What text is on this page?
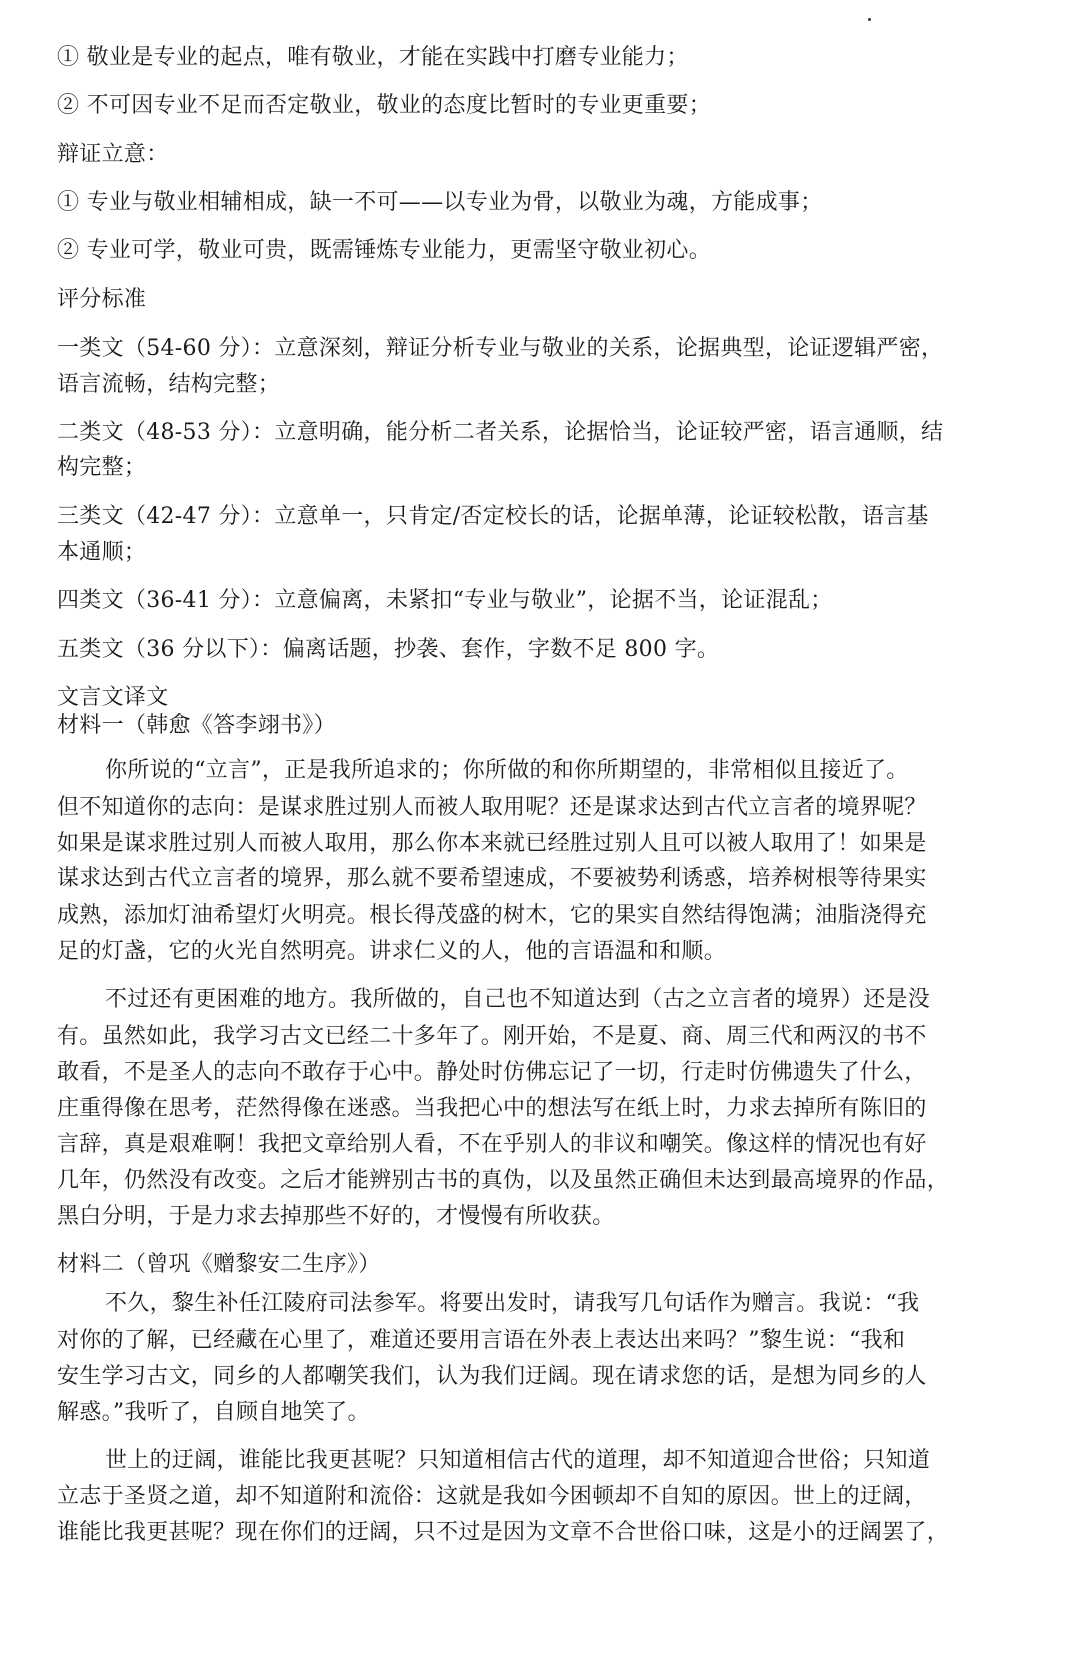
① 敬业是专业的起点，唯有敬业，才能在实践中打磨专业能力；
② 不可因专业不足而否定敬业，敬业的态度比暂时的专业更重要；
辩证立意：
① 专业与敬业相辅相成，缺一不可——以专业为骨，以敬业为魂，方能成事；
② 专业可学，敬业可贵，既需锤炼专业能力，更需坚守敬业初心。
评分标准
一类文（54-60 分）：立意深刻，辩证分析专业与敬业的关系，论据典型，论证逻辑严密，
语言流畅，结构完整；
二类文（48-53 分）：立意明确，能分析二者关系，论据恰当，论证较严密，语言通顺，结
构完整；
三类文（42-47 分）：立意单一，只肯定/否定校长的话，论据单薄，论证较松散，语言基
本通顺；
四类文（36-41 分）：立意偏离，未紧扣“专业与敬业”，论据不当，论证混乱；
五类文（36 分以下）：偏离话题，抄袭、套作，字数不足 800 字。
文言文译文
材料一（韩愈《答李翊书》）
你所说的“立言”，正是我所追求的；你所做的和你所期望的，非常相似且接近了。
但不知道你的志向：是谋求胜过别人而被人取用呢？还是谋求达到古代立言者的境界呢？
如果是谋求胜过别人而被人取用，那么你本来就已经胜过别人且可以被人取用了！如果是
谋求达到古代立言者的境界，那么就不要希望速成，不要被势利诱惑，培养树根等待果实
成熟，添加灯油希望灯火明亮。根长得茂盛的树木，它的果实自然结得饱满；油脂浇得充
足的灯盏，它的火光自然明亮。讲求仁义的人，他的言语温和和顺。
不过还有更困难的地方。我所做的，自己也不知道达到（古之立言者的境界）还是没
有。虽然如此，我学习古文已经二十多年了。刚开始，不是夏、商、周三代和两汉的书不
敢看，不是圣人的志向不敢存于心中。静处时仿佛忘记了一切，行走时仿佛遗失了什么，
庄重得像在思考，茫然得像在迷惑。当我把心中的想法写在纸上时，力求去掉所有陈旧的
言辞，真是艰难啊！我把文章给别人看，不在乎别人的非议和嘲笑。像这样的情况也有好
几年，仍然没有改变。之后才能辨别古书的真伪，以及虽然正确但未达到最高境界的作品，
黑白分明，于是力求去掉那些不好的，才慢慢有所收获。
材料二（曾巩《赠黎安二生序》）
不久，黎生补任江陵府司法参军。将要出发时，请我写几句话作为赠言。我说：“我
对你的了解，已经藏在心里了，难道还要用言语在外表上表达出来吗？”黎生说：“我和
安生学习古文，同乡的人都嘲笑我们，认为我们迂阔。现在请求您的话，是想为同乡的人
解惑。”我听了，自顾自地笑了。
世上的迂阔，谁能比我更甚呢？只知道相信古代的道理，却不知道迎合世俗；只知道
立志于圣贤之道，却不知道附和流俗：这就是我如今困顿却不自知的原因。世上的迂阔，
谁能比我更甚呢？现在你们的迂阔，只不过是因为文章不合世俗口味，这是小的迂阔罢了，
